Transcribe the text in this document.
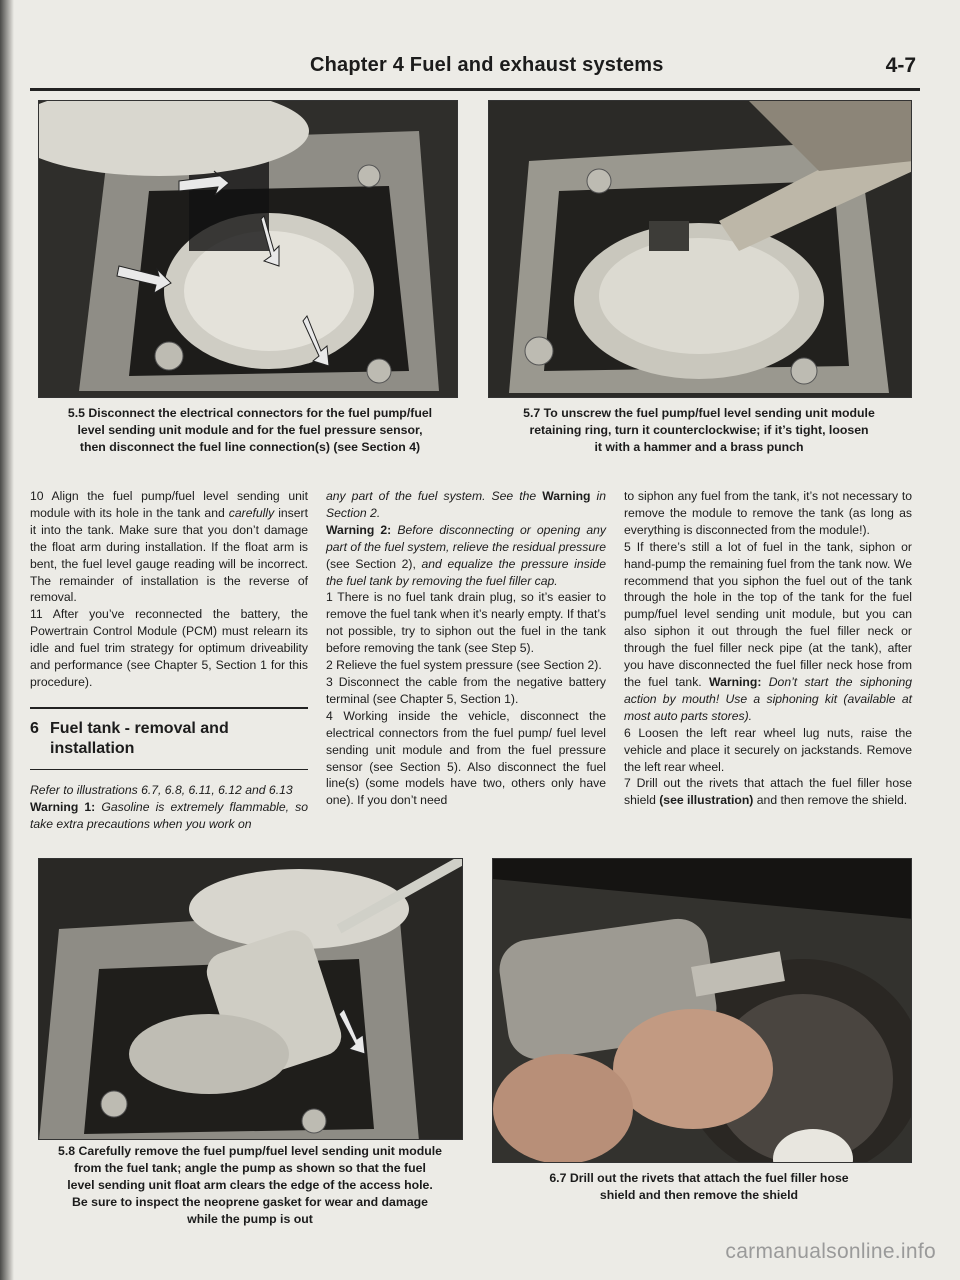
Chapter 4 Fuel and exhaust systems	4-7
5.5 Disconnect the electrical connectors for the fuel pump/fuel
level sending unit module and for the fuel pressure sensor,
then disconnect the fuel line connection(s) (see Section 4)
5.7 To unscrew the fuel pump/fuel level sending unit module
retaining ring, turn it counterclockwise; if it’s tight, loosen
it with a hammer and a brass punch

10 Align the fuel pump/fuel level sending unit module with its hole in the tank and carefully insert it into the tank. Make sure that you don’t damage the float arm during installation. If the float arm is bent, the fuel level gauge reading will be incorrect. The remainder of installation is the reverse of removal.

11 After you’ve reconnected the battery, the Powertrain Control Module (PCM) must relearn its idle and fuel trim strategy for optimum driveability and performance (see Chapter 5, Section 1 for this procedure).

6 Fuel tank - removal and
installation

Refer to illustrations 6.7, 6.8, 6.11, 6.12 and 6.13

Warning 1: Gasoline is extremely flammable, so take extra precautions when you work on

any part of the fuel system. See the Warning in Section 2.

Warning 2: Before disconnecting or opening any part of the fuel system, relieve the residual pressure (see Section 2), and equalize the pressure inside the fuel tank by removing the fuel filler cap.

1 There is no fuel tank drain plug, so it’s easier to remove the fuel tank when it’s nearly empty. If that’s not possible, try to siphon out the fuel in the tank before removing the tank (see Step 5).

2 Relieve the fuel system pressure (see Section 2).

3 Disconnect the cable from the negative battery terminal (see Chapter 5, Section 1).

4 Working inside the vehicle, disconnect the electrical connectors from the fuel pump/ fuel level sending unit module and from the fuel pressure sensor (see Section 5). Also disconnect the fuel line(s) (some models have two, others only have one). If you don’t need

to siphon any fuel from the tank, it’s not necessary to remove the module to remove the tank (as long as everything is disconnected from the module!).

5 If there’s still a lot of fuel in the tank, siphon or hand-pump the remaining fuel from the tank now. We recommend that you siphon the fuel out of the tank through the hole in the top of the tank for the fuel pump/fuel level sending unit module, but you can also siphon it out through the fuel filler neck or through the fuel filler neck pipe (at the tank), after you have disconnected the fuel filler neck hose from the fuel tank. Warning: Don’t start the siphoning action by mouth! Use a siphoning kit (available at most auto parts stores).

6 Loosen the left rear wheel lug nuts, raise the vehicle and place it securely on jackstands. Remove the left rear wheel.

7 Drill out the rivets that attach the fuel filler hose shield (see illustration) and then remove the shield.

5.8 Carefully remove the fuel pump/fuel level sending unit module
from the fuel tank; angle the pump as shown so that the fuel
level sending unit float arm clears the edge of the access hole.
Be sure to inspect the neoprene gasket for wear and damage
while the pump is out
6.7 Drill out the rivets that attach the fuel filler hose
shield and then remove the shield
carmanualsonline.info
